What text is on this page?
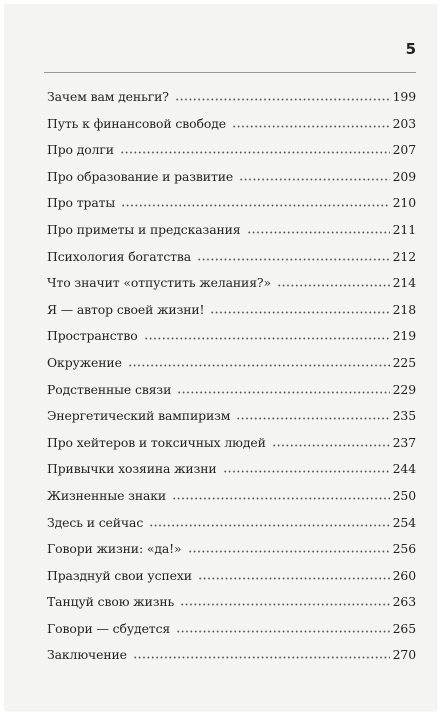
5
Зачем вам деньги?	199
Путь к финансовой свободе	203
Про долги	207
Про образование и развитие	209
Про траты	210
Про приметы и предсказания	211
Психология богатства	212
Что значит «отпустить желания?»	214
Я — автор своей жизни!	218
Пространство	219
Окружение	225
Родственные связи	229
Энергетический вампиризм	235
Про хейтеров и токсичных людей	237
Привычки хозяина жизни	244
Жизненные знаки	250
Здесь и сейчас	254
Говори жизни: «да!»	256
Празднуй свои успехи	260
Танцуй свою жизнь	263
Говори — сбудется	265
Заключение	270
